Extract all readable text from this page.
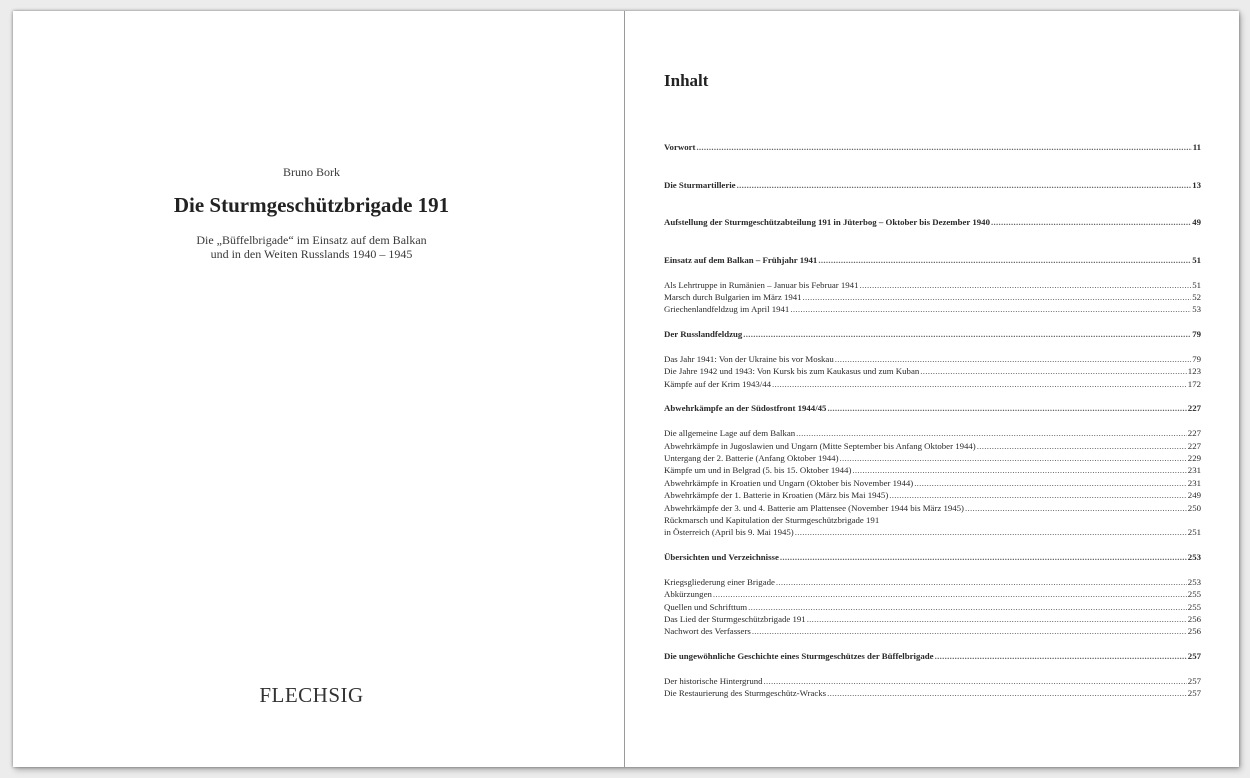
Bruno Bork
Die Sturmgeschützbrigade 191
Die „Büffelbrigade“ im Einsatz auf dem Balkan
und in den Weiten Russlands 1940 – 1945
FLECHSIG
Inhalt
Vorwort .....	11
Die Sturmartillerie .....	13
Aufstellung der Sturmgeschützabteilung 191 in Jüterbog – Oktober bis Dezember 1940 .....	49
Einsatz auf dem Balkan – Frühjahr 1941 .....	51
Als Lehrtruppe in Rumänien – Januar bis Februar 1941 .....	51
Marsch durch Bulgarien im März 1941 .....	52
Griechenlandfeldzug im April 1941 .....	53
Der Russlandfeldzug .....	79
Das Jahr 1941: Von der Ukraine bis vor Moskau .....	79
Die Jahre 1942 und 1943: Von Kursk bis zum Kaukasus und zum Kuban .....	123
Kämpfe auf der Krim 1943/44 .....	172
Abwehrkämpfe an der Südostfront 1944/45 .....	227
Die allgemeine Lage auf dem Balkan .....	227
Abwehrkämpfe in Jugoslawien und Ungarn (Mitte September bis Anfang Oktober 1944) .....	227
Untergang der 2. Batterie (Anfang Oktober 1944) .....	229
Kämpfe um und in Belgrad (5. bis 15. Oktober 1944) .....	231
Abwehrkämpfe in Kroatien und Ungarn (Oktober bis November 1944) .....	231
Abwehrkämpfe der 1. Batterie in Kroatien (März bis Mai 1945) .....	249
Abwehrkämpfe der 3. und 4. Batterie am Plattensee (November 1944 bis März 1945) .....	250
Rückmarsch und Kapitulation der Sturmgeschützbrigade 191
in Österreich (April bis 9. Mai 1945) .....	251
Übersichten und Verzeichnisse .....	253
Kriegsgliederung einer Brigade .....	253
Abkürzungen .....	255
Quellen und Schrifttum .....	255
Das Lied der Sturmgeschützbrigade 191 .....	256
Nachwort des Verfassers .....	256
Die ungewöhnliche Geschichte eines Sturmgeschützes der Büffelbrigade .....	257
Der historische Hintergrund .....	257
Die Restaurierung des Sturmgeschütz-Wracks .....	257
